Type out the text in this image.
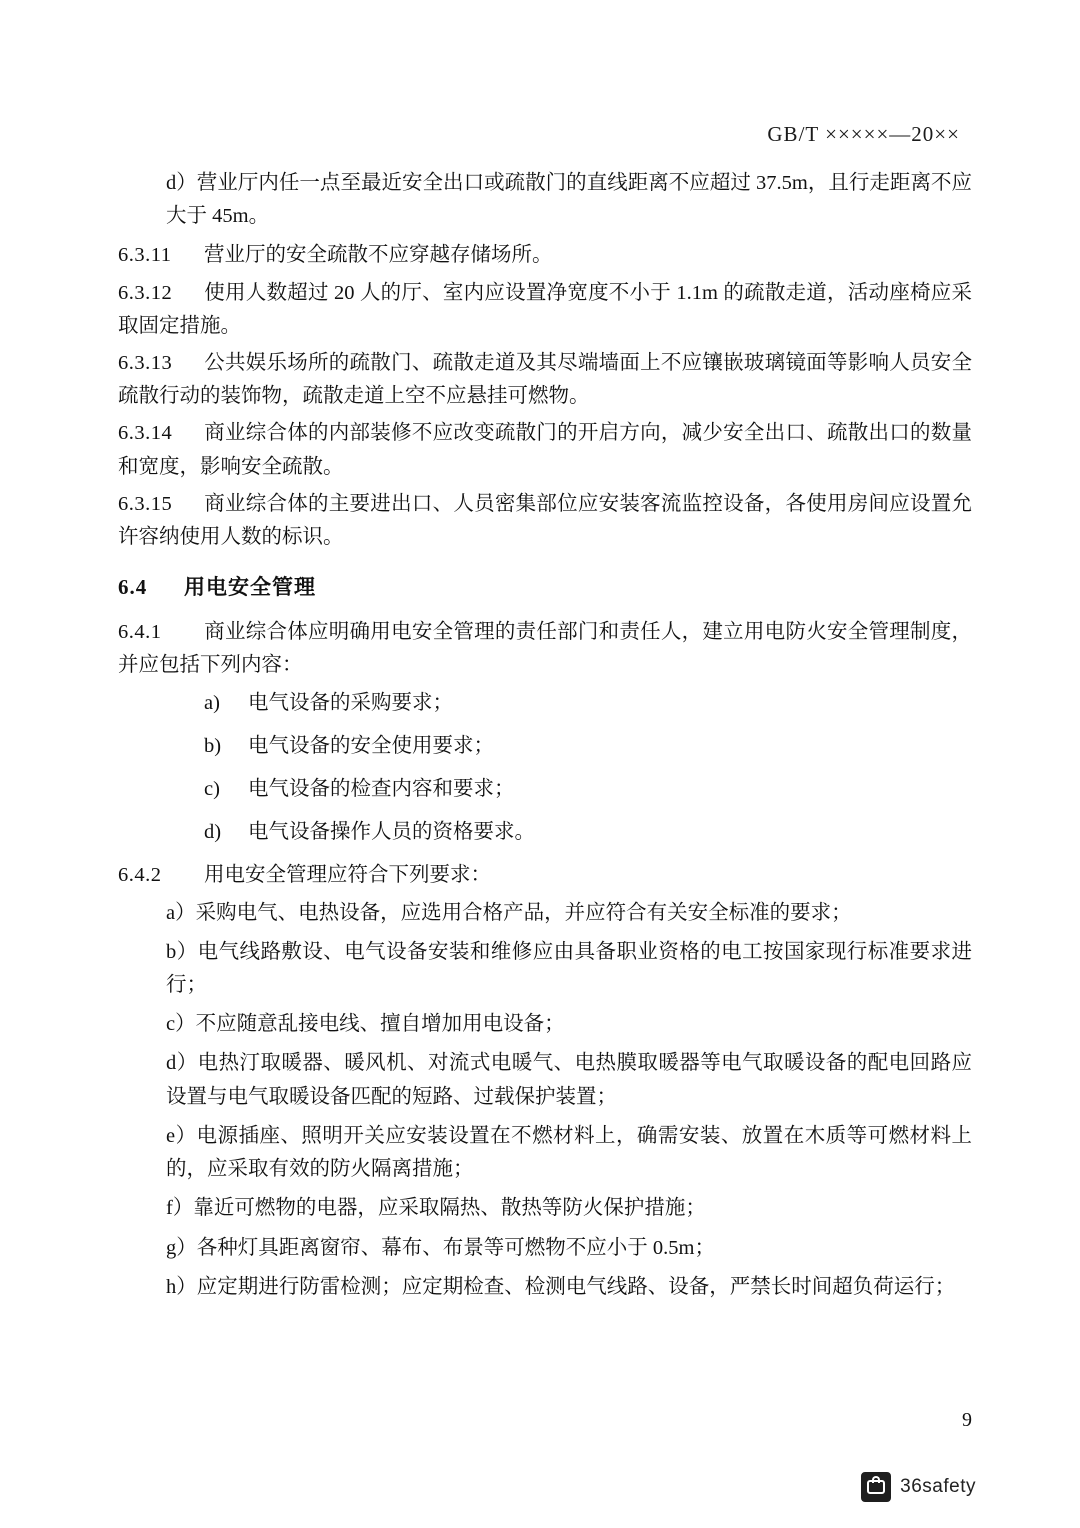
GB/T ×××××—20××

d）营业厅内任一点至最近安全出口或疏散门的直线距离不应超过 37.5m，且行走距离不应大于 45m。

6.3.11 营业厅的安全疏散不应穿越存储场所。

6.3.12 使用人数超过 20 人的厅、室内应设置净宽度不小于 1.1m 的疏散走道，活动座椅应采取固定措施。

6.3.13 公共娱乐场所的疏散门、疏散走道及其尽端墙面上不应镶嵌玻璃镜面等影响人员安全疏散行动的装饰物，疏散走道上空不应悬挂可燃物。

6.3.14 商业综合体的内部装修不应改变疏散门的开启方向，减少安全出口、疏散出口的数量和宽度，影响安全疏散。

6.3.15 商业综合体的主要进出口、人员密集部位应安装客流监控设备，各使用房间应设置允许容纳使用人数的标识。

6.4 用电安全管理

6.4.1 商业综合体应明确用电安全管理的责任部门和责任人，建立用电防火安全管理制度，并应包括下列内容：

a) 电气设备的采购要求；

b) 电气设备的安全使用要求；

c) 电气设备的检查内容和要求；

d) 电气设备操作人员的资格要求。

6.4.2 用电安全管理应符合下列要求：

a）采购电气、电热设备，应选用合格产品，并应符合有关安全标准的要求；

b）电气线路敷设、电气设备安装和维修应由具备职业资格的电工按国家现行标准要求进行；

c）不应随意乱接电线、擅自增加用电设备；

d）电热汀取暖器、暖风机、对流式电暖气、电热膜取暖器等电气取暖设备的配电回路应设置与电气取暖设备匹配的短路、过载保护装置；

e）电源插座、照明开关应安装设置在不燃材料上，确需安装、放置在木质等可燃材料上的，应采取有效的防火隔离措施；

f）靠近可燃物的电器，应采取隔热、散热等防火保护措施；

g）各种灯具距离窗帘、幕布、布景等可燃物不应小于 0.5m；

h）应定期进行防雷检测；应定期检查、检测电气线路、设备，严禁长时间超负荷运行；

9
36safety
